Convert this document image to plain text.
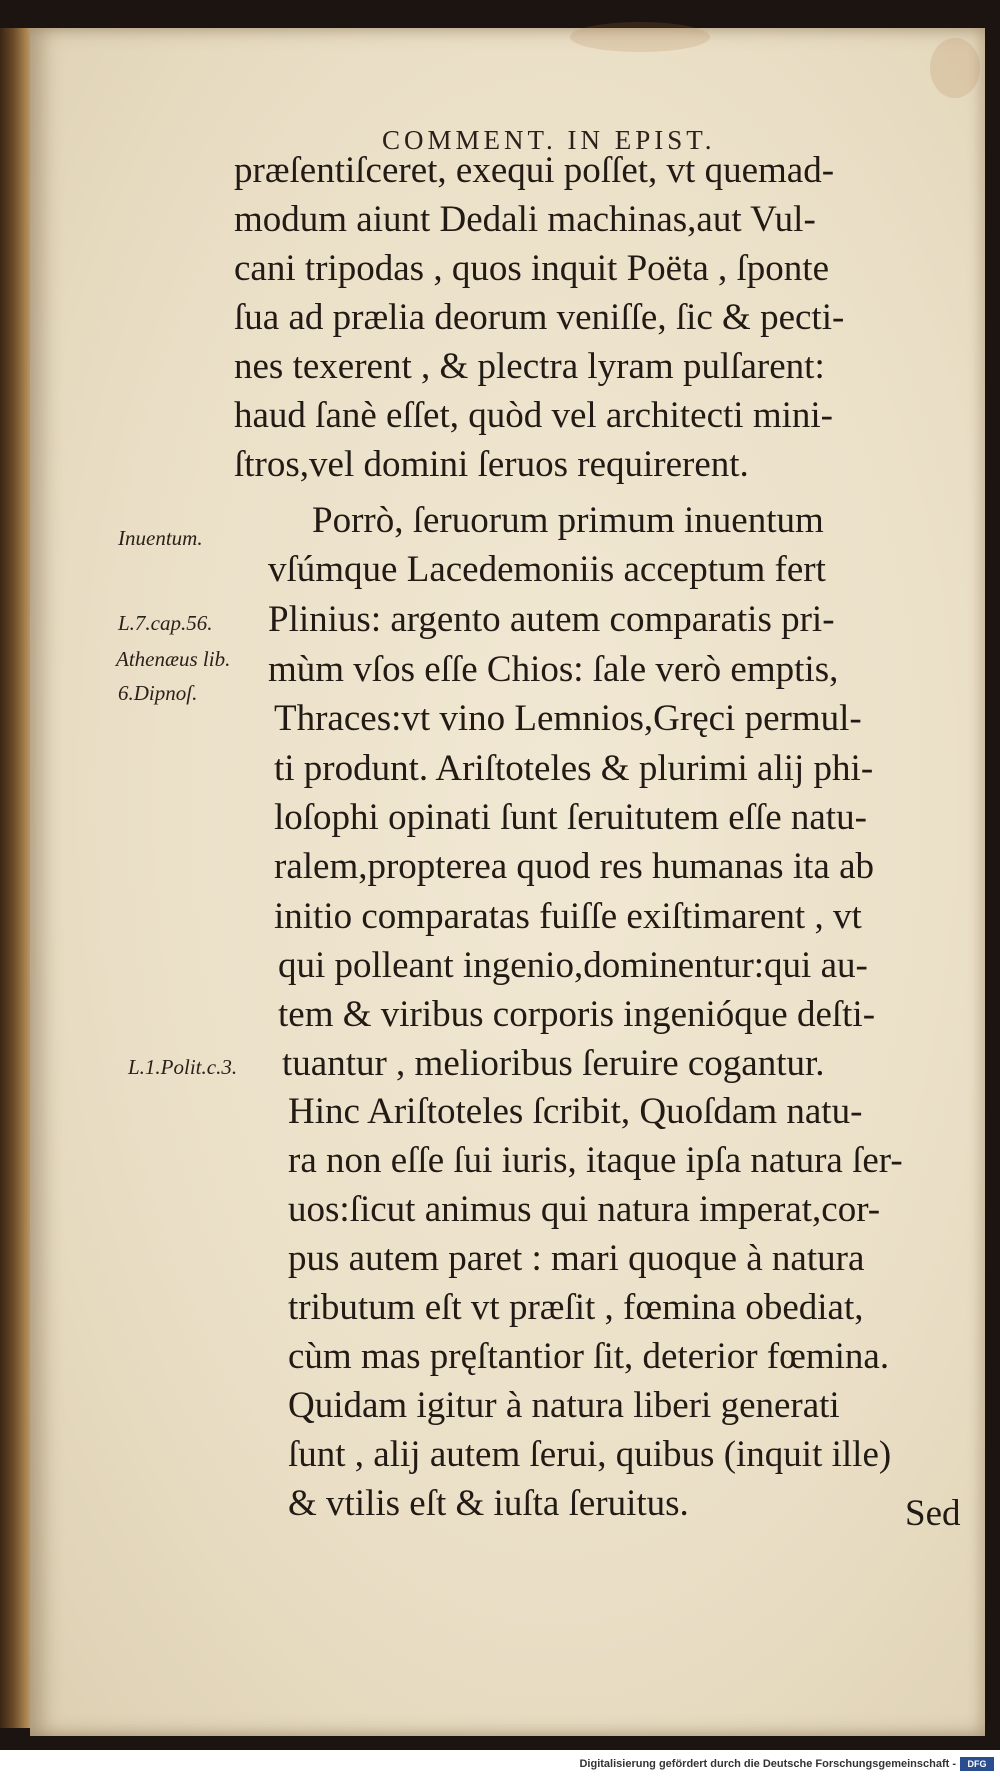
COMMENT. IN EPIST.
præſentiſceret, exequi poſſet, vt quemad-
modum aiunt Dedali machinas,aut Vul-
cani tripodas , quos inquit Poëta , ſponte
ſua ad prælia deorum veniſſe, ſic & pecti-
nes texerent , & plectra lyram pulſarent:
haud ſanè eſſet, quòd vel architecti mini-
ſtros,vel domini ſeruos requirerent.
Porrò, ſeruorum primum inuentum
vſúmque Lacedemoniis acceptum fert
Plinius: argento autem comparatis pri-
mùm vſos eſſe Chios: ſale verò emptis,
Thraces:vt vino Lemnios,Gręci permul-
ti produnt. Ariſtoteles & plurimi alij phi-
loſophi opinati ſunt ſeruitutem eſſe natu-
ralem,propterea quod res humanas ita ab
initio comparatas fuiſſe exiſtimarent , vt
qui polleant ingenio,dominentur:qui au-
tem & viribus corporis ingenióque deſti-
tuantur , melioribus ſeruire cogantur.
Hinc Ariſtoteles ſcribit, Quoſdam natu-
ra non eſſe ſui iuris, itaque ipſa natura ſer-
uos:ſicut animus qui natura imperat,cor-
pus autem paret : mari quoque à natura
tributum eſt vt præſit , fœmina obediat,
cùm mas pręſtantior ſit, deterior fœmina.
Quidam igitur à natura liberi generati
ſunt , alij autem ſerui, quibus (inquit ille)
& vtilis eſt & iuſta ſeruitus.
Inuentum.
L.7.cap.56.
Athenæus lib.
6.Dipnoſ.
L.1.Polit.c.3.
Sed
Digitalisierung gefördert durch die Deutsche Forschungsgemeinschaft -	DFG
